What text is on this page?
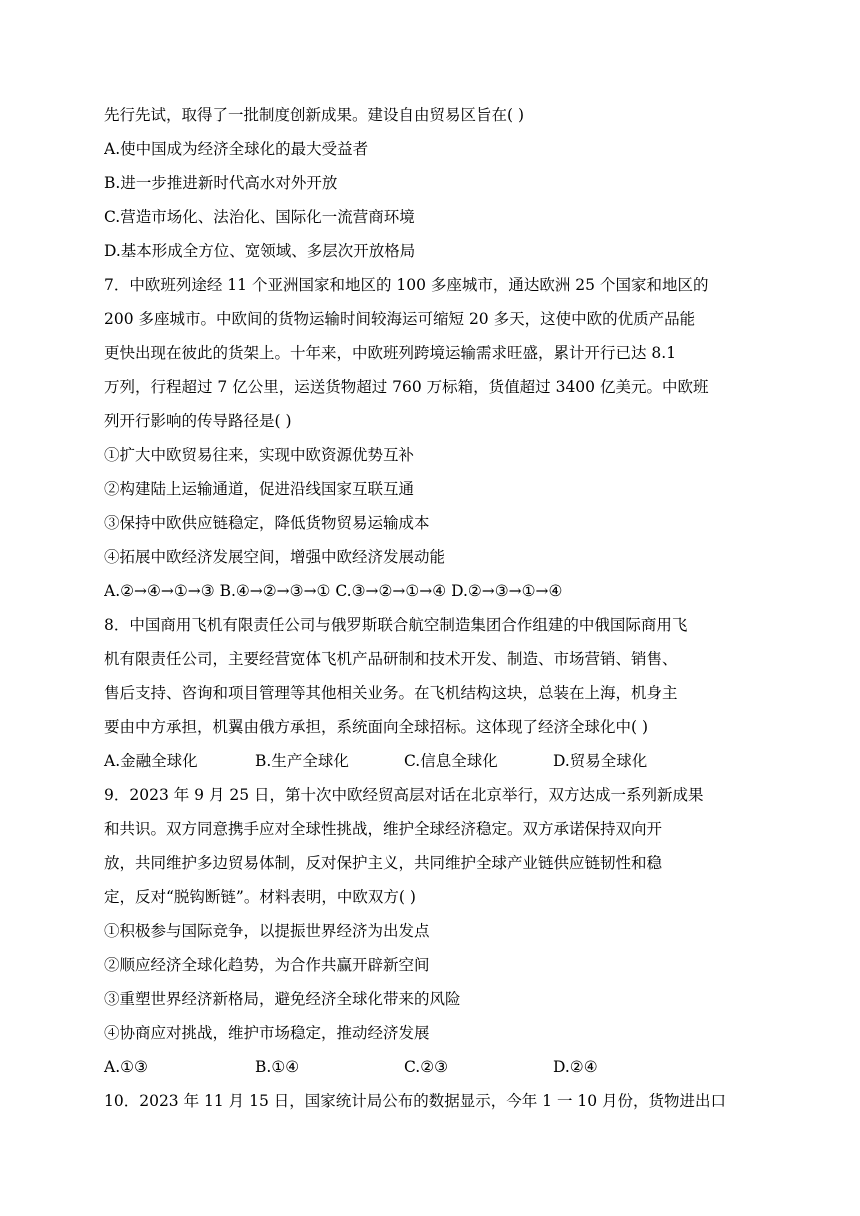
先行先试，取得了一批制度创新成果。建设自由贸易区旨在( )
A.使中国成为经济全球化的最大受益者
B.进一步推进新时代高水对外开放
C.营造市场化、法治化、国际化一流营商环境
D.基本形成全方位、宽领域、多层次开放格局
7．中欧班列途经 11 个亚洲国家和地区的 100 多座城市，通达欧洲 25 个国家和地区的
200 多座城市。中欧间的货物运输时间较海运可缩短 20 多天，这使中欧的优质产品能
更快出现在彼此的货架上。十年来，中欧班列跨境运输需求旺盛，累计开行已达 8.1
万列，行程超过 7 亿公里，运送货物超过 760 万标箱，货值超过 3400 亿美元。中欧班
列开行影响的传导路径是( )
①扩大中欧贸易往来，实现中欧资源优势互补
②构建陆上运输通道，促进沿线国家互联互通
③保持中欧供应链稳定，降低货物贸易运输成本
④拓展中欧经济发展空间，增强中欧经济发展动能
A.②→④→①→③ B.④→②→③→① C.③→②→①→④ D.②→③→①→④
8．中国商用飞机有限责任公司与俄罗斯联合航空制造集团合作组建的中俄国际商用飞
机有限责任公司，主要经营宽体飞机产品研制和技术开发、制造、市场营销、销售、
售后支持、咨询和项目管理等其他相关业务。在飞机结构这块，总装在上海，机身主
要由中方承担，机翼由俄方承担，系统面向全球招标。这体现了经济全球化中( )
A.金融全球化	B.生产全球化	C.信息全球化	D.贸易全球化
9．2023 年 9 月 25 日，第十次中欧经贸高层对话在北京举行，双方达成一系列新成果
和共识。双方同意携手应对全球性挑战，维护全球经济稳定。双方承诺保持双向开
放，共同维护多边贸易体制，反对保护主义，共同维护全球产业链供应链韧性和稳
定，反对“脱钩断链”。材料表明，中欧双方( )
①积极参与国际竞争，以提振世界经济为出发点
②顺应经济全球化趋势，为合作共赢开辟新空间
③重塑世界经济新格局，避免经济全球化带来的风险
④协商应对挑战，维护市场稳定，推动经济发展
A.①③	B.①④	C.②③	D.②④
10．2023 年 11 月 15 日，国家统计局公布的数据显示，今年 1 一 10 月份，货物进出口
